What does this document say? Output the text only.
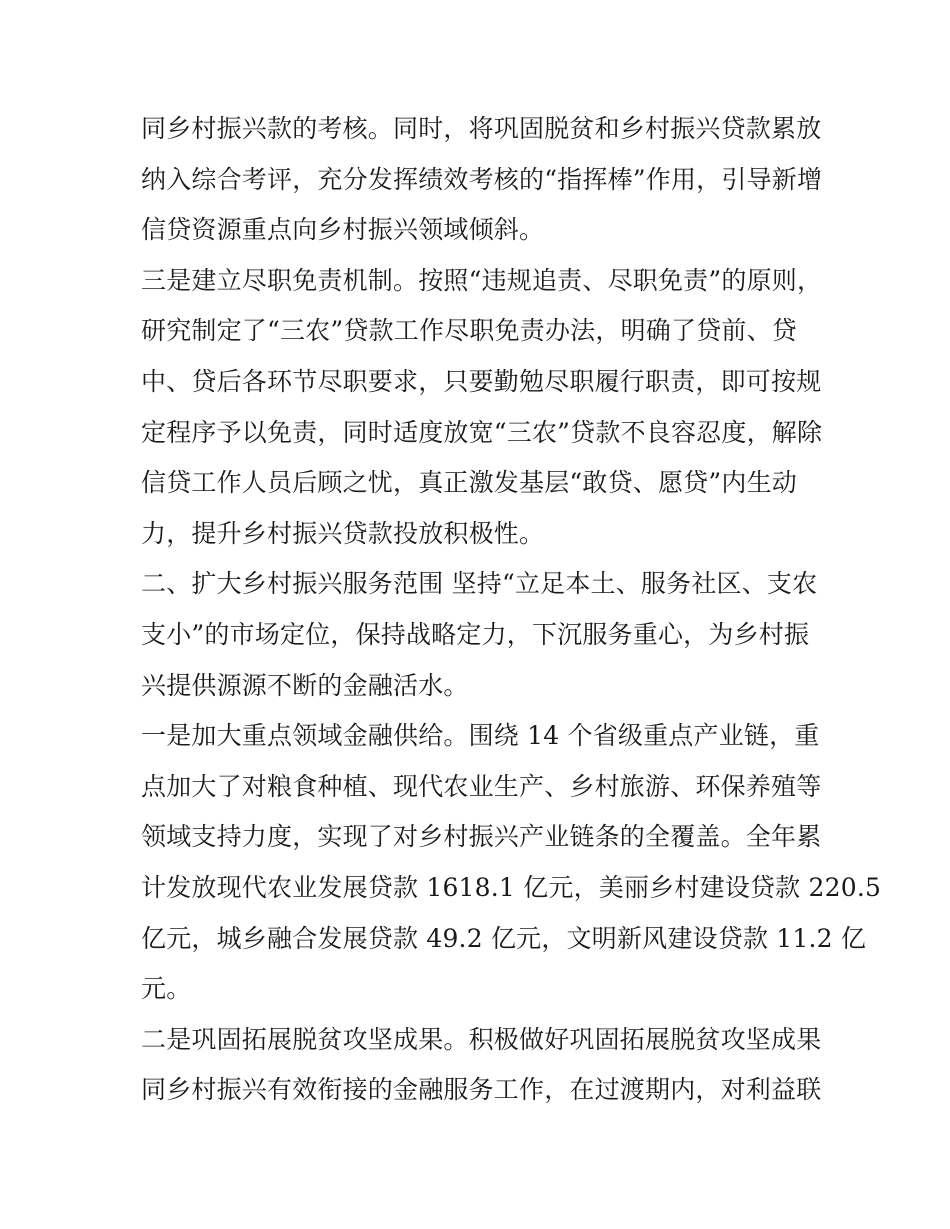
同乡村振兴款的考核。同时，将巩固脱贫和乡村振兴贷款累放
纳入综合考评，充分发挥绩效考核的“指挥棒”作用，引导新增
信贷资源重点向乡村振兴领域倾斜。
三是建立尽职免责机制。按照“违规追责、尽职免责”的原则，
研究制定了“三农”贷款工作尽职免责办法，明确了贷前、贷
中、贷后各环节尽职要求，只要勤勉尽职履行职责，即可按规
定程序予以免责，同时适度放宽“三农”贷款不良容忍度，解除
信贷工作人员后顾之忧，真正激发基层“敢贷、愿贷”内生动
力，提升乡村振兴贷款投放积极性。
二、扩大乡村振兴服务范围 坚持“立足本土、服务社区、支农
支小”的市场定位，保持战略定力，下沉服务重心，为乡村振
兴提供源源不断的金融活水。
一是加大重点领域金融供给。围绕 14 个省级重点产业链，重
点加大了对粮食种植、现代农业生产、乡村旅游、环保养殖等
领域支持力度，实现了对乡村振兴产业链条的全覆盖。全年累
计发放现代农业发展贷款 1618.1 亿元，美丽乡村建设贷款 220.5
亿元，城乡融合发展贷款 49.2 亿元，文明新风建设贷款 11.2 亿
元。
二是巩固拓展脱贫攻坚成果。积极做好巩固拓展脱贫攻坚成果
同乡村振兴有效衔接的金融服务工作，在过渡期内，对利益联
